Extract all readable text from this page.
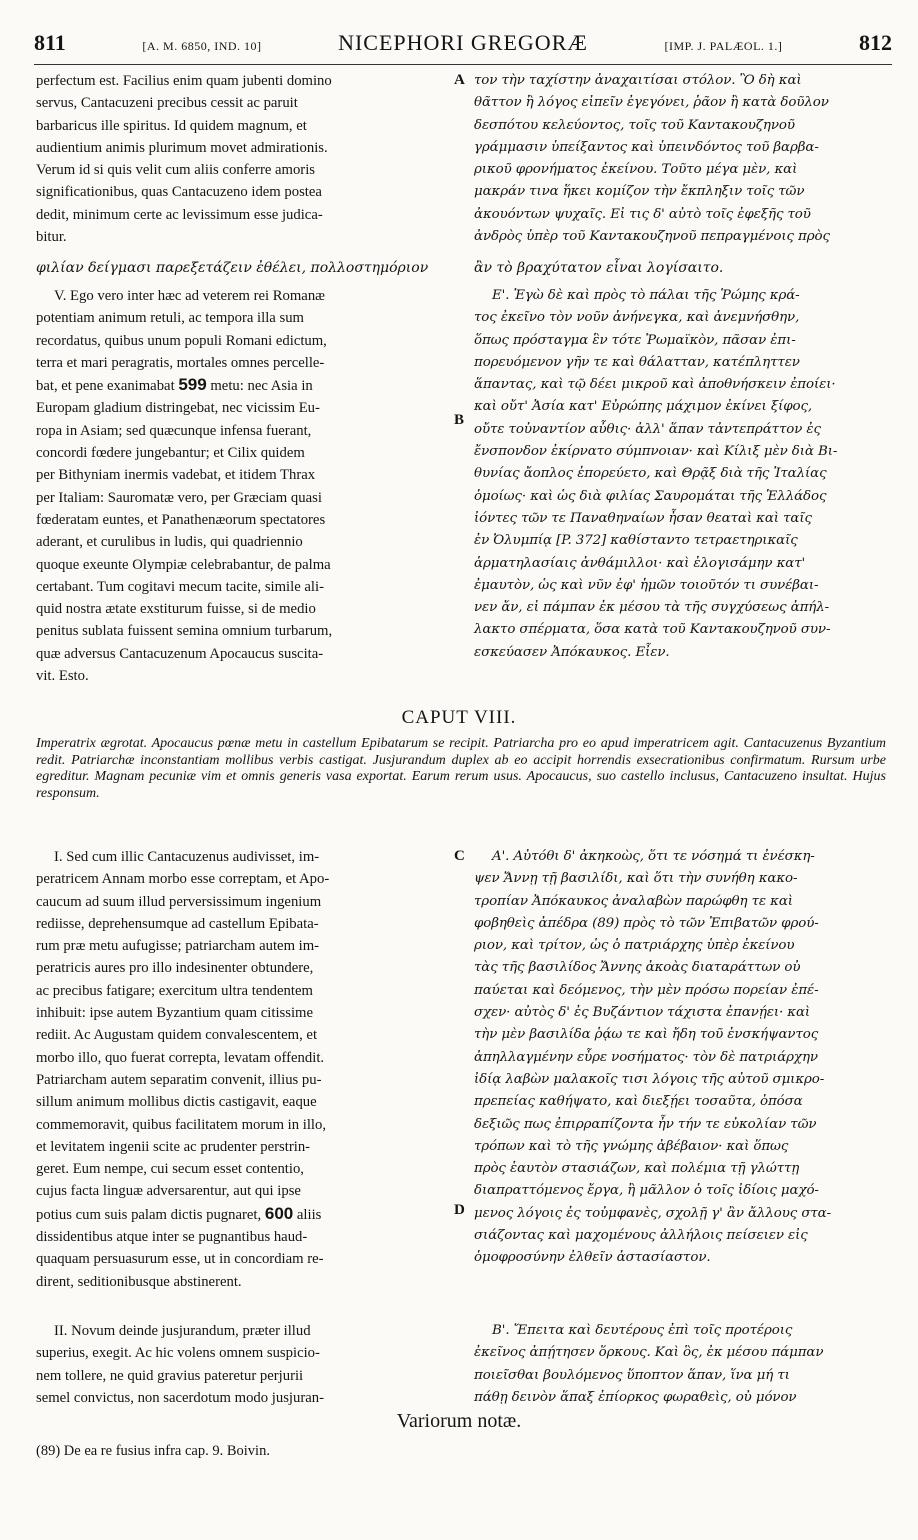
811	[A. M. 6850, IND. 10]	NICEPHORI GREGORÆ	[IMP. J. PALÆOL. 1.]	812

perfectum est. Facilius enim quam jubenti domino

servus, Cantacuzeni precibus cessit ac paruit

barbaricus ille spiritus. Id quidem magnum, et

audientium animis plurimum movet admirationis.

Verum id si quis velit cum aliis conferre amoris

significationibus, quas Cantacuzeno idem postea

dedit, minimum certe ac levissimum esse judica-

bitur.

A τον τὴν ταχίστην ἀναχαιτίσαι στόλον. Ὃ δὴ καὶ

θᾶττον ἢ λόγος εἰπεῖν ἐγεγόνει, ῥᾶον ἢ κατὰ δοῦλον

δεσπότου κελεύοντος, τοῖς τοῦ Καντακουζηνοῦ

γράμμασιν ὑπείξαντος καὶ ὑπεινδόντος τοῦ βαρβα-

ρικοῦ φρονήματος ἐκείνου. Τοῦτο μέγα μὲν, καὶ

μακράν τινα ἥκει κομίζον τὴν ἔκπληξιν τοῖς τῶν

ἀκουόντων ψυχαῖς. Εἰ τις δ' αὐτὸ τοῖς ἐφεξῆς τοῦ

ἀνδρὸς ὑπὲρ τοῦ Καντακουζηνοῦ πεπραγμένοις πρὸς

φιλίαν δείγμασι παρεξετάζειν ἐθέλει, πολλοστημόριον	ἂν τὸ βραχύτατον εἶναι λογίσαιτο.

V. Ego vero inter hæc ad veterem rei Romanæ

potentiam animum retuli, ac tempora illa sum

recordatus, quibus unum populi Romani edictum,

terra et mari peragratis, mortales omnes percelle-

bat, et pene exanimabat 599 metu: nec Asia in

Europam gladium distringebat, nec vicissim Eu-

ropa in Asiam; sed quæcunque infensa fuerant,

concordi fœdere jungebantur; et Cilix quidem

per Bithyniam inermis vadebat, et itidem Thrax

per Italiam: Sauromatæ vero, per Græciam quasi

fœderatam euntes, et Panathenæorum spectatores

aderant, et curulibus in ludis, qui quadriennio

quoque exeunte Olympiæ celebrabantur, de palma

certabant. Tum cogitavi mecum tacite, simile ali-

quid nostra ætate exstiturum fuisse, si de medio

penitus sublata fuissent semina omnium turbarum,

quæ adversus Cantacuzenum Apocaucus suscita-

vit. Esto.

B

Ε'. Ἐγὼ δὲ καὶ πρὸς τὸ πάλαι τῆς Ῥώμης κρά-

τος ἐκεῖνο τὸν νοῦν ἀνήνεγκα, καὶ ἀνεμνήσθην,

ὅπως πρόσταγμα ἓν τότε Ῥωμαϊκὸν, πᾶσαν ἐπι-

πορευόμενον γῆν τε καὶ θάλατταν, κατέπληττεν

ἅπαντας, καὶ τῷ δέει μικροῦ καὶ ἀποθνήσκειν ἐποίει·

καὶ οὔτ' Ἀσία κατ' Εὐρώπης μάχιμον ἐκίνει ξίφος,

οὔτε τοὐναντίον αὖθις· ἀλλ' ἅπαν τἀντεπράττον ἐς

ἔνσπονδον ἐκίρνατο σύμπνοιαν· καὶ Κίλιξ μὲν διὰ Βι-

θυνίας ἄοπλος ἐπορεύετο, καὶ Θρᾷξ διὰ τῆς Ἰταλίας

ὁμοίως· καὶ ὡς διὰ φιλίας Σαυρομάται τῆς Ἑλλάδος

ἰόντες τῶν τε Παναθηναίων ἦσαν θεαταὶ καὶ ταῖς

ἐν Ὀλυμπίᾳ [P. 372] καθίσταντο τετραετηρικαῖς

ἁρματηλασίαις ἀνθάμιλλοι· καὶ ἐλογισάμην κατ'

ἐμαυτὸν, ὡς καὶ νῦν ἐφ' ἡμῶν τοιοῦτόν τι συνέβαι-

νεν ἄν, εἰ πάμπαν ἐκ μέσου τὰ τῆς συγχύσεως ἀπήλ-

λακτο σπέρματα, ὅσα κατὰ τοῦ Καντακουζηνοῦ συν-

εσκεύασεν Ἀπόκαυκος. Εἶεν.

CAPUT VIII.
Imperatrix ægrotat. Apocaucus pœnæ metu in castellum Epibatarum se recipit. Patriarcha pro eo apud imperatricem agit. Cantacuzenus Byzantium redit. Patriarchæ inconstantiam mollibus verbis castigat. Jusjurandum duplex ab eo accipit horrendis exsecrationibus confirmatum. Rursum urbe egreditur. Magnam pecuniæ vim et omnis generis vasa exportat. Earum rerum usus. Apocaucus, suo castello inclusus, Cantacuzeno insultat. Hujus responsum.

I. Sed cum illic Cantacuzenus audivisset, im-

peratricem Annam morbo esse correptam, et Apo-

caucum ad suum illud perversissimum ingenium

rediisse, deprehensumque ad castellum Epibata-

rum præ metu aufugisse; patriarcham autem im-

peratricis aures pro illo indesinenter obtundere,

ac precibus fatigare; exercitum ultra tendentem

inhibuit: ipse autem Byzantium quam citissime

rediit. Ac Augustam quidem convalescentem, et

morbo illo, quo fuerat correpta, levatam offendit.

Patriarcham autem separatim convenit, illius pu-

sillum animum mollibus dictis castigavit, eaque

commemoravit, quibus facilitatem morum in illo,

et levitatem ingenii scite ac prudenter perstrin-

geret. Eum nempe, cui secum esset contentio,

cujus facta linguæ adversarentur, aut qui ipse

potius cum suis palam dictis pugnaret, 600 aliis

dissidentibus atque inter se pugnantibus haud-

quaquam persuasurum esse, ut in concordiam re-

dirent, seditionibusque abstinerent.

C
D

Α'. Αὐτόθι δ' ἀκηκοὼς, ὅτι τε νόσημά τι ἐνέσκη-

ψεν Ἄννῃ τῇ βασιλίδι, καὶ ὅτι τὴν συνήθη κακο-

τροπίαν Ἀπόκαυκος ἀναλαβὼν παρώφθη τε καὶ

φοβηθεὶς ἀπέδρα (89) πρὸς τὸ τῶν Ἐπιβατῶν φρού-

ριον, καὶ τρίτον, ὡς ὁ πατριάρχης ὑπὲρ ἐκείνου

τὰς τῆς βασιλίδος Ἄννης ἀκοὰς διαταράττων οὐ

παύεται καὶ δεόμενος, τὴν μὲν πρόσω πορείαν ἐπέ-

σχεν· αὐτὸς δ' ἐς Βυζάντιον τάχιστα ἐπανῄει· καὶ

τὴν μὲν βασιλίδα ῥᾴω τε καὶ ἤδη τοῦ ἐνσκήψαντος

ἀπηλλαγμένην εὗρε νοσήματος· τὸν δὲ πατριάρχην

ἰδίᾳ λαβὼν μαλακοῖς τισι λόγοις τῆς αὐτοῦ σμικρο-

πρεπείας καθήψατο, καὶ διεξῄει τοσαῦτα, ὁπόσα

δεξιῶς πως ἐπιρραπίζοντα ἦν τήν τε εὐκολίαν τῶν

τρόπων καὶ τὸ τῆς γνώμης ἀβέβαιον· καὶ ὅπως

πρὸς ἑαυτὸν στασιάζων, καὶ πολέμια τῇ γλώττῃ

διαπραττόμενος ἔργα, ἢ μᾶλλον ὁ τοῖς ἰδίοις μαχό-

μενος λόγοις ἐς τοὐμφανὲς, σχολῇ γ' ἂν ἄλλους στα-

σιάζοντας καὶ μαχομένους ἀλλήλοις πείσειεν εἰς

ὁμοφροσύνην ἐλθεῖν ἀστασίαστον.

II. Novum deinde jusjurandum, præter illud

superius, exegit. Ac hic volens omnem suspicio-

nem tollere, ne quid gravius pateretur perjurii

semel convictus, non sacerdotum modo jusjuran-

Β'. Ἔπειτα καὶ δευτέρους ἐπὶ τοῖς προτέροις

ἐκεῖνος ἀπῄτησεν ὅρκους. Καὶ ὃς, ἐκ μέσου πάμπαν

ποιεῖσθαι βουλόμενος ὕποπτον ἅπαν, ἵνα μή τι

πάθῃ δεινὸν ἅπαξ ἐπίορκος φωραθεὶς, οὐ μόνον

Variorum notæ.
(89) De ea re fusius infra cap. 9. Boivin.
